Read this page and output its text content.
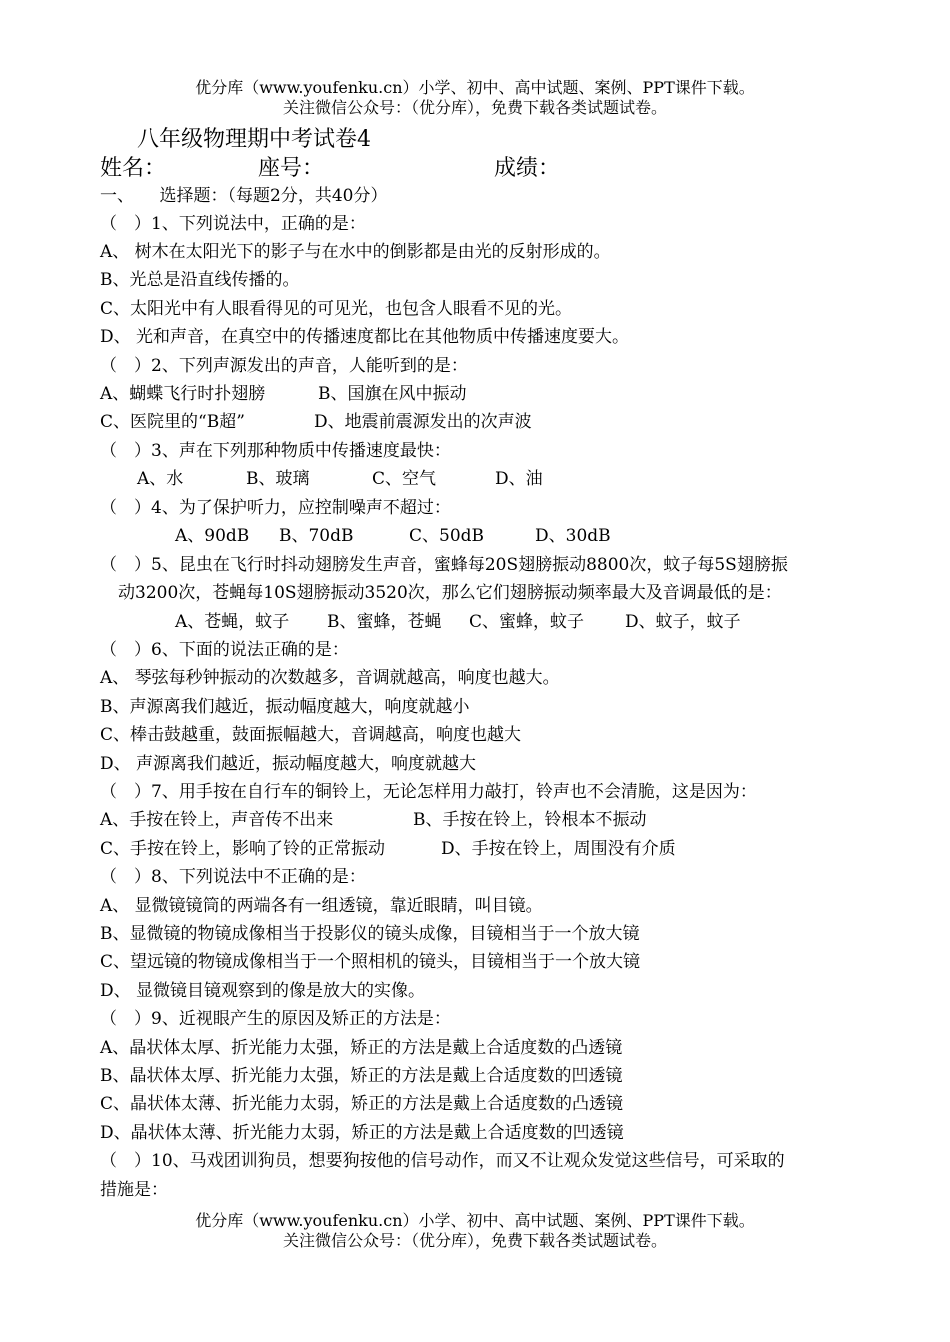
优分库（www.youfenku.cn）小学、初中、高中试题、案例、PPT课件下载。
关注微信公众号：（优分库），免费下载各类试题试卷。
八年级物理期中考试卷4
姓名：	座号：	成绩：
一、　　选择题：（每题2分，共40分）
（　）1、下列说法中，正确的是：
A、 树木在太阳光下的影子与在水中的倒影都是由光的反射形成的。
B、光总是沿直线传播的。
C、太阳光中有人眼看得见的可见光，也包含人眼看不见的光。
D、 光和声音，在真空中的传播速度都比在其他物质中传播速度要大。
（　）2、下列声源发出的声音，人能听到的是：
A、蝴蝶飞行时扑翅膀	B、国旗在风中振动
C、医院里的“B超”	D、地震前震源发出的次声波
（　）3、声在下列那种物质中传播速度最快：
A、水	B、玻璃	C、空气	D、油
（　）4、为了保护听力，应控制噪声不超过：
A、90dB B、70dB	C、50dB	D、30dB
（　）5、昆虫在飞行时抖动翅膀发生声音，蜜蜂每20S翅膀振动8800次，蚊子每5S翅膀振
动3200次，苍蝇每10S翅膀振动3520次，那么它们翅膀振动频率最大及音调最低的是：
A、苍蝇，蚊子 B、蜜蜂，苍蝇 C、蜜蜂，蚊子 D、蚊子，蚊子
（　）6、下面的说法正确的是：
A、 琴弦每秒钟振动的次数越多，音调就越高，响度也越大。
B、声源离我们越近，振动幅度越大，响度就越小
C、棒击鼓越重，鼓面振幅越大，音调越高，响度也越大
D、 声源离我们越近，振动幅度越大，响度就越大
（　）7、用手按在自行车的铜铃上，无论怎样用力敲打，铃声也不会清脆，这是因为：
A、手按在铃上，声音传不出来	B、手按在铃上，铃根本不振动
C、手按在铃上，影响了铃的正常振动	D、手按在铃上，周围没有介质
（　）8、下列说法中不正确的是：
A、 显微镜镜筒的两端各有一组透镜，靠近眼睛，叫目镜。
B、显微镜的物镜成像相当于投影仪的镜头成像，目镜相当于一个放大镜
C、望远镜的物镜成像相当于一个照相机的镜头，目镜相当于一个放大镜
D、 显微镜目镜观察到的像是放大的实像。
（　）9、近视眼产生的原因及矫正的方法是：
A、晶状体太厚、折光能力太强，矫正的方法是戴上合适度数的凸透镜
B、晶状体太厚、折光能力太强，矫正的方法是戴上合适度数的凹透镜
C、晶状体太薄、折光能力太弱，矫正的方法是戴上合适度数的凸透镜
D、晶状体太薄、折光能力太弱，矫正的方法是戴上合适度数的凹透镜
（　）10、马戏团训狗员，想要狗按他的信号动作，而又不让观众发觉这些信号，可采取的
措施是：
优分库（www.youfenku.cn）小学、初中、高中试题、案例、PPT课件下载。
关注微信公众号：（优分库），免费下载各类试题试卷。
